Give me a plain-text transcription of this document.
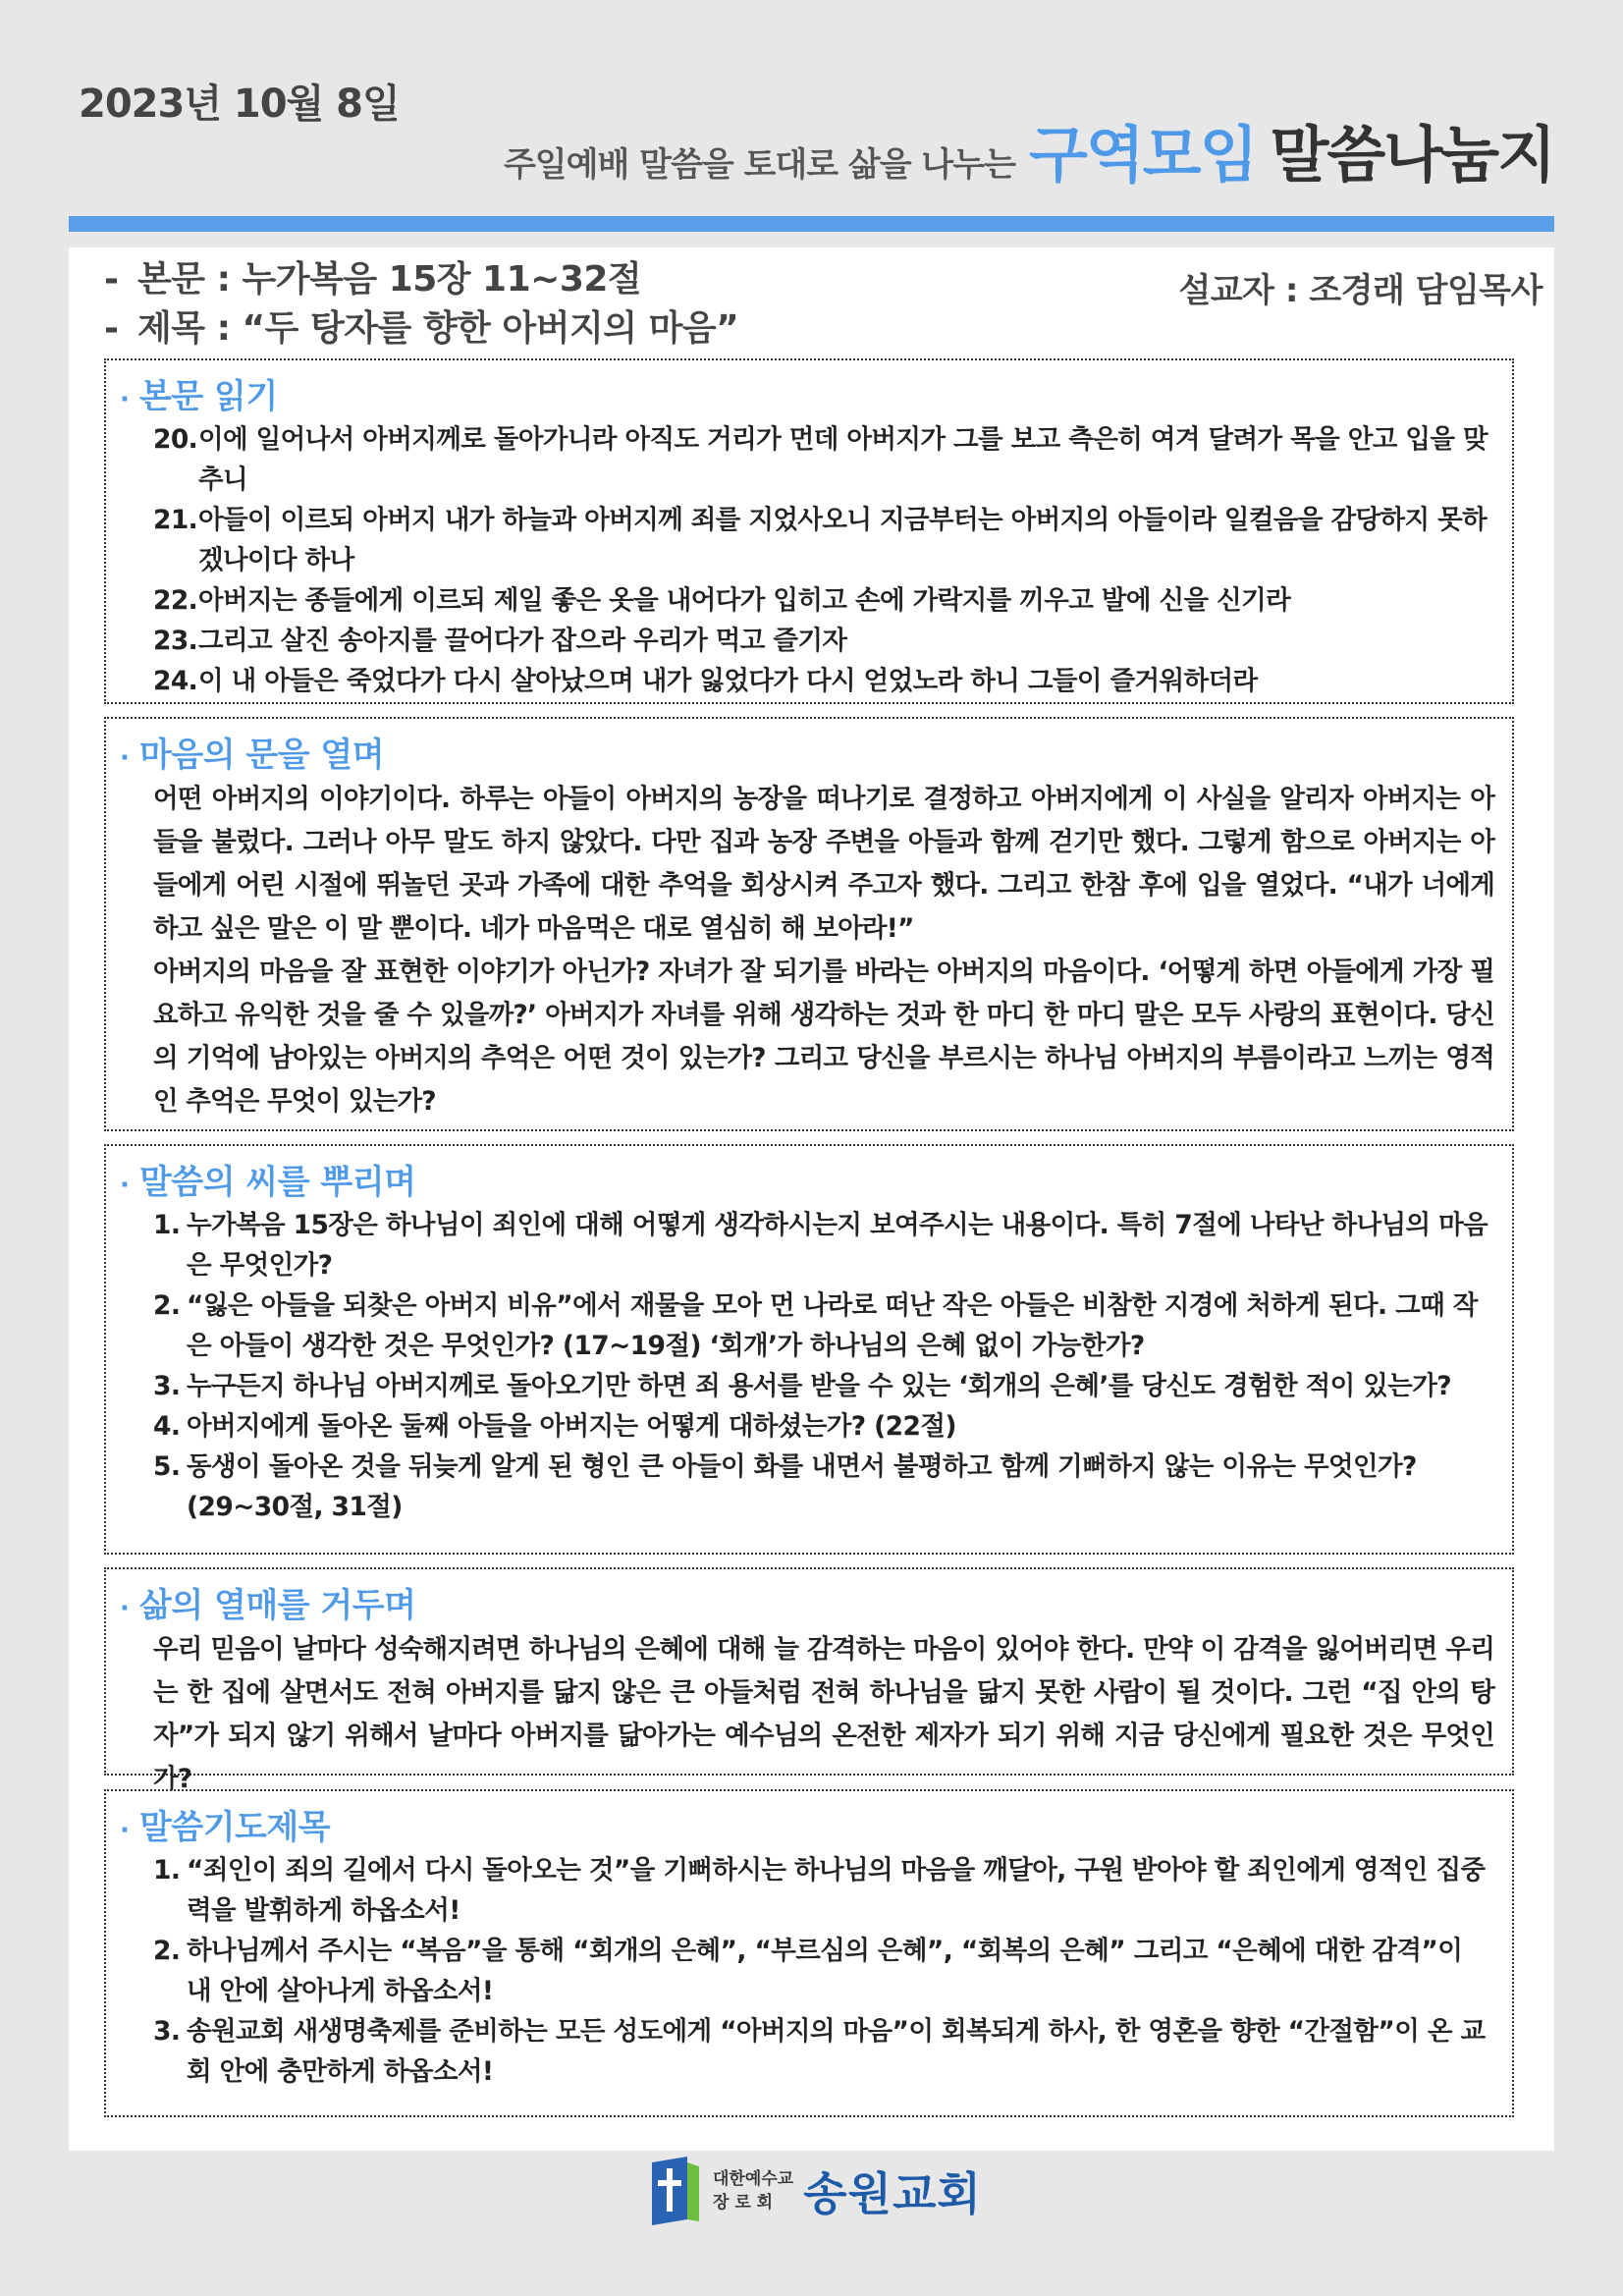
2023년 10월 8일
주일예배 말씀을 토대로 삶을 나누는 구역모임 말씀나눔지
- 본문 : 누가복음 15장 11~32절
- 제목 : “두 탕자를 향한 아버지의 마음”
설교자 : 조경래 담임목사
· 본문 읽기
20. 이에 일어나서 아버지께로 돌아가니라 아직도 거리가 먼데 아버지가 그를 보고 측은히 여겨 달려가 목을 안고 입을 맞추니
21. 아들이 이르되 아버지 내가 하늘과 아버지께 죄를 지었사오니 지금부터는 아버지의 아들이라 일컬음을 감당하지 못하겠나이다 하나
22. 아버지는 종들에게 이르되 제일 좋은 옷을 내어다가 입히고 손에 가락지를 끼우고 발에 신을 신기라
23. 그리고 살진 송아지를 끌어다가 잡으라 우리가 먹고 즐기자
24. 이 내 아들은 죽었다가 다시 살아났으며 내가 잃었다가 다시 얻었노라 하니 그들이 즐거워하더라
· 마음의 문을 열며

어떤 아버지의 이야기이다. 하루는 아들이 아버지의 농장을 떠나기로 결정하고 아버지에게 이 사실을 알리자 아버지는 아들을 불렀다. 그러나 아무 말도 하지 않았다. 다만 집과 농장 주변을 아들과 함께 걷기만 했다. 그렇게 함으로 아버지는 아들에게 어린 시절에 뛰놀던 곳과 가족에 대한 추억을 회상시켜 주고자 했다. 그리고 한참 후에 입을 열었다. “내가 너에게 하고 싶은 말은 이 말 뿐이다. 네가 마음먹은 대로 열심히 해 보아라!”

아버지의 마음을 잘 표현한 이야기가 아닌가? 자녀가 잘 되기를 바라는 아버지의 마음이다. ‘어떻게 하면 아들에게 가장 필요하고 유익한 것을 줄 수 있을까?’ 아버지가 자녀를 위해 생각하는 것과 한 마디 한 마디 말은 모두 사랑의 표현이다. 당신의 기억에 남아있는 아버지의 추억은 어떤 것이 있는가? 그리고 당신을 부르시는 하나님 아버지의 부름이라고 느끼는 영적인 추억은 무엇이 있는가?

· 말씀의 씨를 뿌리며
1. 누가복음 15장은 하나님이 죄인에 대해 어떻게 생각하시는지 보여주시는 내용이다. 특히 7절에 나타난 하나님의 마음은 무엇인가?
2. “잃은 아들을 되찾은 아버지 비유”에서 재물을 모아 먼 나라로 떠난 작은 아들은 비참한 지경에 처하게 된다. 그때 작은 아들이 생각한 것은 무엇인가? (17~19절) ‘회개’가 하나님의 은혜 없이 가능한가?
3. 누구든지 하나님 아버지께로 돌아오기만 하면 죄 용서를 받을 수 있는 ‘회개의 은혜’를 당신도 경험한 적이 있는가?
4. 아버지에게 돌아온 둘째 아들을 아버지는 어떻게 대하셨는가? (22절)
5. 동생이 돌아온 것을 뒤늦게 알게 된 형인 큰 아들이 화를 내면서 불평하고 함께 기뻐하지 않는 이유는 무엇인가? (29~30절, 31절)
· 삶의 열매를 거두며

우리 믿음이 날마다 성숙해지려면 하나님의 은혜에 대해 늘 감격하는 마음이 있어야 한다. 만약 이 감격을 잃어버리면 우리는 한 집에 살면서도 전혀 아버지를 닮지 않은 큰 아들처럼 전혀 하나님을 닮지 못한 사람이 될 것이다. 그런 “집 안의 탕자”가 되지 않기 위해서 날마다 아버지를 닮아가는 예수님의 온전한 제자가 되기 위해 지금 당신에게 필요한 것은 무엇인가?

· 말씀기도제목
1. “죄인이 죄의 길에서 다시 돌아오는 것”을 기뻐하시는 하나님의 마음을 깨달아, 구원 받아야 할 죄인에게 영적인 집중력을 발휘하게 하옵소서!
2. 하나님께서 주시는 “복음”을 통해 “회개의 은혜”, “부르심의 은혜”, “회복의 은혜” 그리고 “은혜에 대한 감격”이 내 안에 살아나게 하옵소서!
3. 송원교회 새생명축제를 준비하는 모든 성도에게 “아버지의 마음”이 회복되게 하사, 한 영혼을 향한 “간절함”이 온 교회 안에 충만하게 하옵소서!
대한예수교
장 로 회 송원교회
